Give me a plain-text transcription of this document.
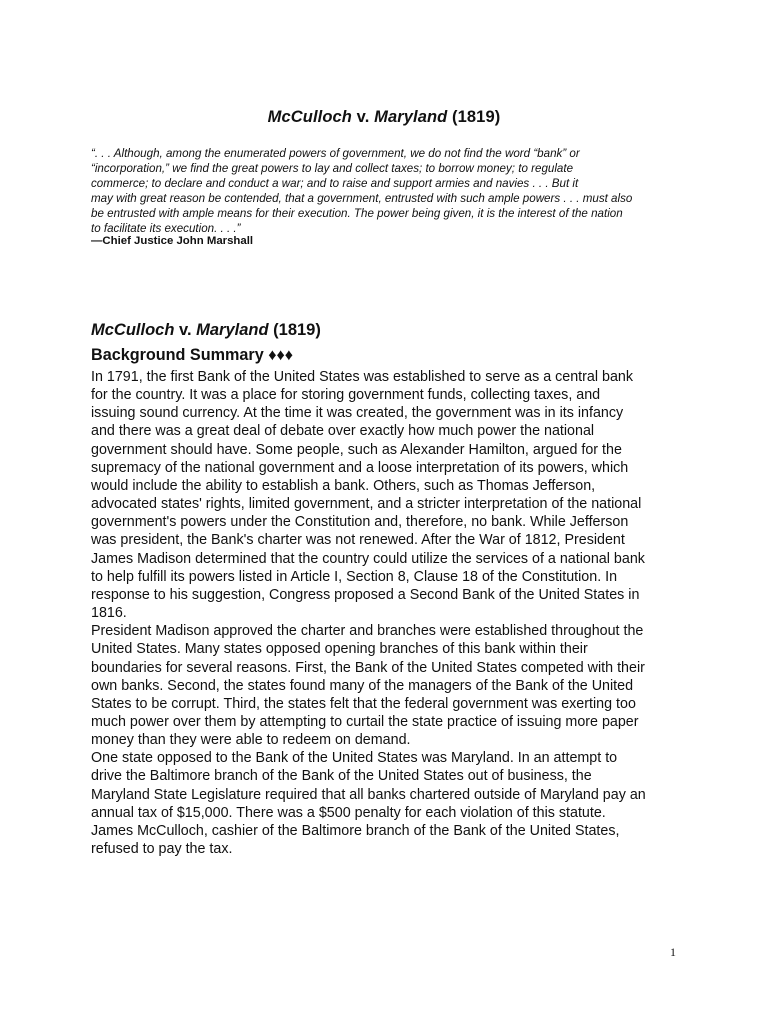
McCulloch v. Maryland (1819)
“. . . Although, among the enumerated powers of government, we do not find the word “bank” or
“incorporation,” we find the great powers to lay and collect taxes; to borrow money; to regulate
commerce; to declare and conduct a war; and to raise and support armies and navies . . . But it
may with great reason be contended, that a government, entrusted with such ample powers . . . must also
be entrusted with ample means for their execution. The power being given, it is the interest of the nation
to facilitate its execution. . . .”

—Chief Justice John Marshall

McCulloch v. Maryland (1819)
Background Summary ♦♦♦
In 1791, the first Bank of the United States was established to serve as a central bank
for the country. It was a place for storing government funds, collecting taxes, and
issuing sound currency. At the time it was created, the government was in its infancy
and there was a great deal of debate over exactly how much power the national
government should have. Some people, such as Alexander Hamilton, argued for the
supremacy of the national government and a loose interpretation of its powers, which
would include the ability to establish a bank. Others, such as Thomas Jefferson,
advocated states' rights, limited government, and a stricter interpretation of the national
government's powers under the Constitution and, therefore, no bank. While Jefferson
was president, the Bank's charter was not renewed. After the War of 1812, President
James Madison determined that the country could utilize the services of a national bank
to help fulfill its powers listed in Article I, Section 8, Clause 18 of the Constitution. In
response to his suggestion, Congress proposed a Second Bank of the United States in
1816.
President Madison approved the charter and branches were established throughout the
United States. Many states opposed opening branches of this bank within their
boundaries for several reasons. First, the Bank of the United States competed with their
own banks. Second, the states found many of the managers of the Bank of the United
States to be corrupt. Third, the states felt that the federal government was exerting too
much power over them by attempting to curtail the state practice of issuing more paper
money than they were able to redeem on demand.
One state opposed to the Bank of the United States was Maryland. In an attempt to
drive the Baltimore branch of the Bank of the United States out of business, the
Maryland State Legislature required that all banks chartered outside of Maryland pay an
annual tax of $15,000. There was a $500 penalty for each violation of this statute.
James McCulloch, cashier of the Baltimore branch of the Bank of the United States,
refused to pay the tax.
1
